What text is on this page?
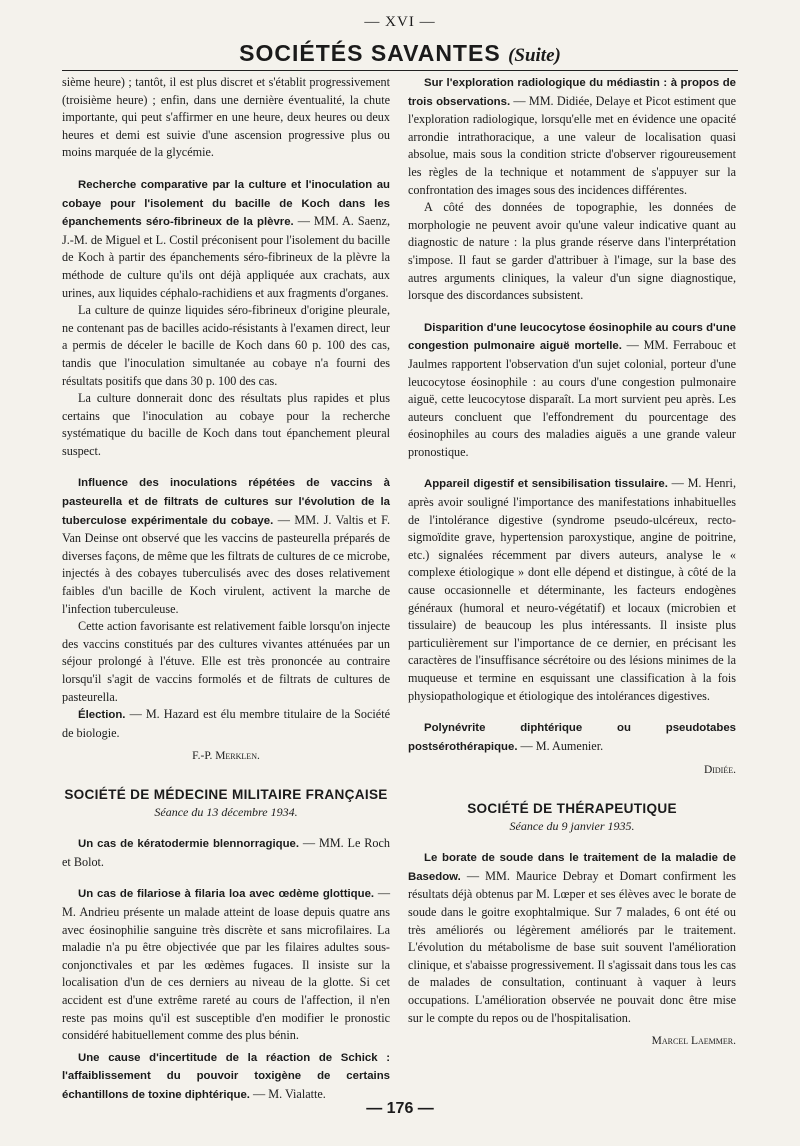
— XVI —
SOCIÉTÉS SAVANTES (Suite)

sième heure) ; tantôt, il est plus discret et s'établit progressivement (troisième heure) ; enfin, dans une dernière éventualité, la chute importante, qui peut s'affirmer en une heure, deux heures ou deux heures et demi est suivie d'une ascension progressive plus ou moins marquée de la glycémie.

Recherche comparative par la culture et l'inoculation au cobaye pour l'isolement du bacille de Koch dans les épanchements séro-fibrineux de la plèvre. — MM. A. Saenz, J.-M. de Miguel et L. Costil préconisent pour l'isolement du bacille de Koch à partir des épanchements séro-fibrineux de la plèvre la méthode de culture qu'ils ont déjà appliquée aux crachats, aux urines, aux liquides céphalo-rachidiens et aux fragments d'organes.

La culture de quinze liquides séro-fibrineux d'origine pleurale, ne contenant pas de bacilles acido-résistants à l'examen direct, leur a permis de déceler le bacille de Koch dans 60 p. 100 des cas, tandis que l'inoculation simultanée au cobaye n'a fourni des résultats positifs que dans 30 p. 100 des cas.

La culture donnerait donc des résultats plus rapides et plus certains que l'inoculation au cobaye pour la recherche systématique du bacille de Koch dans tout épanchement pleural suspect.

Influence des inoculations répétées de vaccins à pasteurella et de filtrats de cultures sur l'évolution de la tuberculose expérimentale du cobaye. — MM. J. Valtis et F. Van Deinse ont observé que les vaccins de pasteurella préparés de diverses façons, de même que les filtrats de cultures de ce microbe, injectés à des cobayes tuberculisés avec des doses relativement faibles d'un bacille de Koch virulent, activent la marche de l'infection tuberculeuse.

Cette action favorisante est relativement faible lorsqu'on injecte des vaccins constitués par des cultures vivantes atténuées par un séjour prolongé à l'étuve. Elle est très prononcée au contraire lorsqu'il s'agit de vaccins formolés et de filtrats de cultures de pasteurella.

Élection. — M. Hazard est élu membre titulaire de la Société de biologie.

F.-P. Merklen.
SOCIÉTÉ DE MÉDECINE MILITAIRE FRANÇAISE
Séance du 13 décembre 1934.

Un cas de kératodermie blennorragique. — MM. Le Roch et Bolot.

Un cas de filariose à filaria loa avec œdème glottique. — M. Andrieu présente un malade atteint de loase depuis quatre ans avec éosinophilie sanguine très discrète et sans microfilaires. La maladie n'a pu être objectivée que par les filaires adultes sous-conjonctivales et par les œdèmes fugaces. Il insiste sur la localisation d'un de ces derniers au niveau de la glotte. Si cet accident est d'une extrême rareté au cours de l'affection, il n'en reste pas moins qu'il est susceptible d'en modifier le pronostic considéré habituellement comme des plus bénin.

Une cause d'incertitude de la réaction de Schick : l'affaiblissement du pouvoir toxigène de certains échantillons de toxine diphtérique. — M. Vialatte.

Sur l'exploration radiologique du médiastin : à propos de trois observations. — MM. Didiée, Delaye et Picot estiment que l'exploration radiologique, lorsqu'elle met en évidence une opacité arrondie intrathoracique, a une valeur de localisation quasi absolue, mais sous la condition stricte d'observer rigoureusement les règles de la technique et notamment de s'appuyer sur la confrontation des images sous des incidences différentes.

A côté des données de topographie, les données de morphologie ne peuvent avoir qu'une valeur indicative quant au diagnostic de nature : la plus grande réserve dans l'interprétation s'impose. Il faut se garder d'attribuer à l'image, sur la base des autres arguments cliniques, la valeur d'un signe diagnostique, lorsque des discordances subsistent.

Disparition d'une leucocytose éosinophile au cours d'une congestion pulmonaire aiguë mortelle. — MM. Ferrabouc et Jaulmes rapportent l'observation d'un sujet colonial, porteur d'une leucocytose éosinophile : au cours d'une congestion pulmonaire aiguë, cette leucocytose disparaît. La mort survient peu après. Les auteurs concluent que l'effondrement du pourcentage des éosinophiles au cours des maladies aiguës a une grande valeur pronostique.

Appareil digestif et sensibilisation tissulaire. — M. Henri, après avoir souligné l'importance des manifestations inhabituelles de l'intolérance digestive (syndrome pseudo-ulcéreux, recto-sigmoïdite grave, hypertension paroxystique, angine de poitrine, etc.) signalées récemment par divers auteurs, analyse le « complexe étiologique » dont elle dépend et distingue, à côté de la cause occasionnelle et déterminante, les facteurs endogènes généraux (humoral et neuro-végétatif) et locaux (microbien et tissulaire) de beaucoup les plus intéressants. Il insiste plus particulièrement sur l'importance de ce dernier, en précisant les caractères de l'insuffisance sécrétoire ou des lésions minimes de la muqueuse et termine en esquissant une classification à la fois physiopathologique et étiologique des intolérances digestives.

Polynévrite diphtérique ou pseudotabes postsérothérapique. — M. Aumenier.

Didiée.
SOCIÉTÉ DE THÉRAPEUTIQUE
Séance du 9 janvier 1935.

Le borate de soude dans le traitement de la maladie de Basedow. — MM. Maurice Debray et Domart confirment les résultats déjà obtenus par M. Lœper et ses élèves avec le borate de soude dans le goitre exophtalmique. Sur 7 malades, 6 ont été ou très améliorés ou légèrement améliorés par le traitement. L'évolution du métabolisme de base suit souvent l'amélioration clinique, et s'abaisse progressivement. Il s'agissait dans tous les cas de malades de consultation, continuant à vaquer à leurs occupations. L'amélioration observée ne pouvait donc être mise sur le compte du repos ou de l'hospitalisation.

Marcel Laemmer.
— 176 —
